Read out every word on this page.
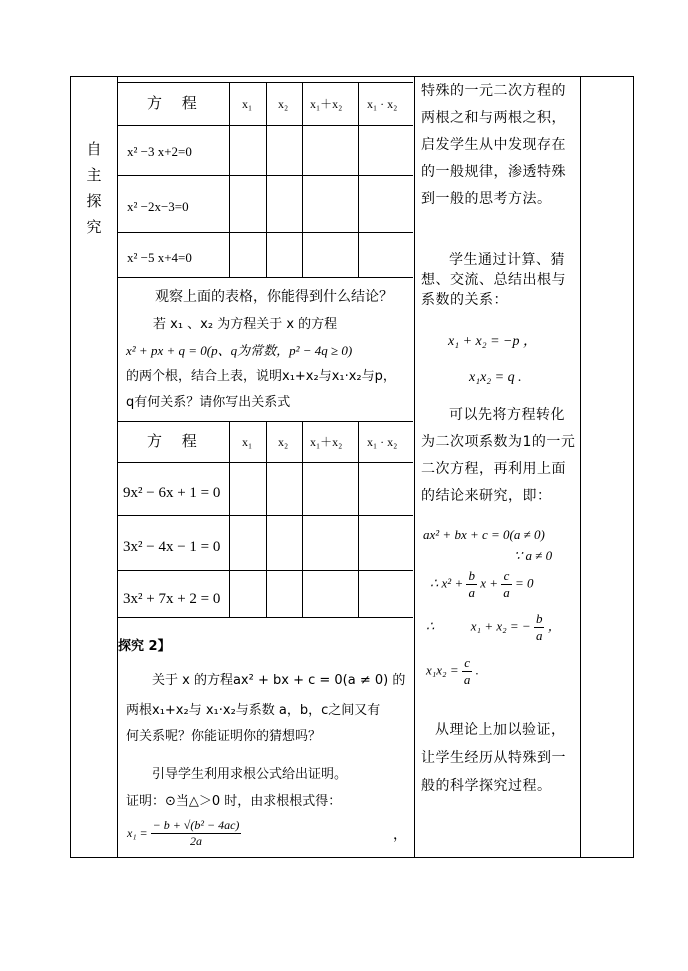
自
主
探
究
方　 程	x₁ x₂ x₁＋x₂ x₁ · x₂
x² −3 x+2=0
x² −2x−3=0
x² −5 x+4=0
观察上面的表格，你能得到什么结论？
若 x₁ 、x₂ 为方程关于 x 的方程
x² + px + q = 0(p、q为常数，p² − 4q ≥ 0)
的两个根，结合上表，说明x₁+x₂与x₁·x₂与p，
q有何关系？请你写出关系式
方　 程	x₁ x₂ x₁＋x₂ x₁ · x₂
9x² − 6x + 1 = 0
3x² − 4x − 1 = 0
3x² + 7x + 2 = 0
探究 2】
关于 x 的方程ax² + bx + c = 0(a ≠ 0) 的
两根x₁+x₂与 x₁·x₂与系数 a，b，c之间又有
何关系呢？你能证明你的猜想吗？
引导学生利用求根公式给出证明。
证明：⊙当△＞0 时，由求根根式得：
$x_1 = \frac{\text{− b + √(b² − 4ac)}}{2a}$	，
特殊的一元二次方程的两根之和与两根之积，启发学生从中发现存在的一般规律，渗透特殊到一般的思考方法。
学生通过计算、猜想、交流、总结出根与系数的关系：
x₁ + x₂ = −p ，
x₁x₂ = q .
可以先将方程转化为二次项系数为1的一元二次方程，再利用上面的结论来研究，即：
ax² + bx + c = 0(a ≠ 0)
∵ a ≠ 0
∴ $x^2 + \frac{b}{a}$ $x + \frac{c}{a} = 0$
∴	x₁ + x₂ = − $\frac{b}{a}$ ，
$x_1x_2 = \frac{c}{a}$ .
从理论上加以验证，让学生经历从特殊到一般的科学探究过程。
